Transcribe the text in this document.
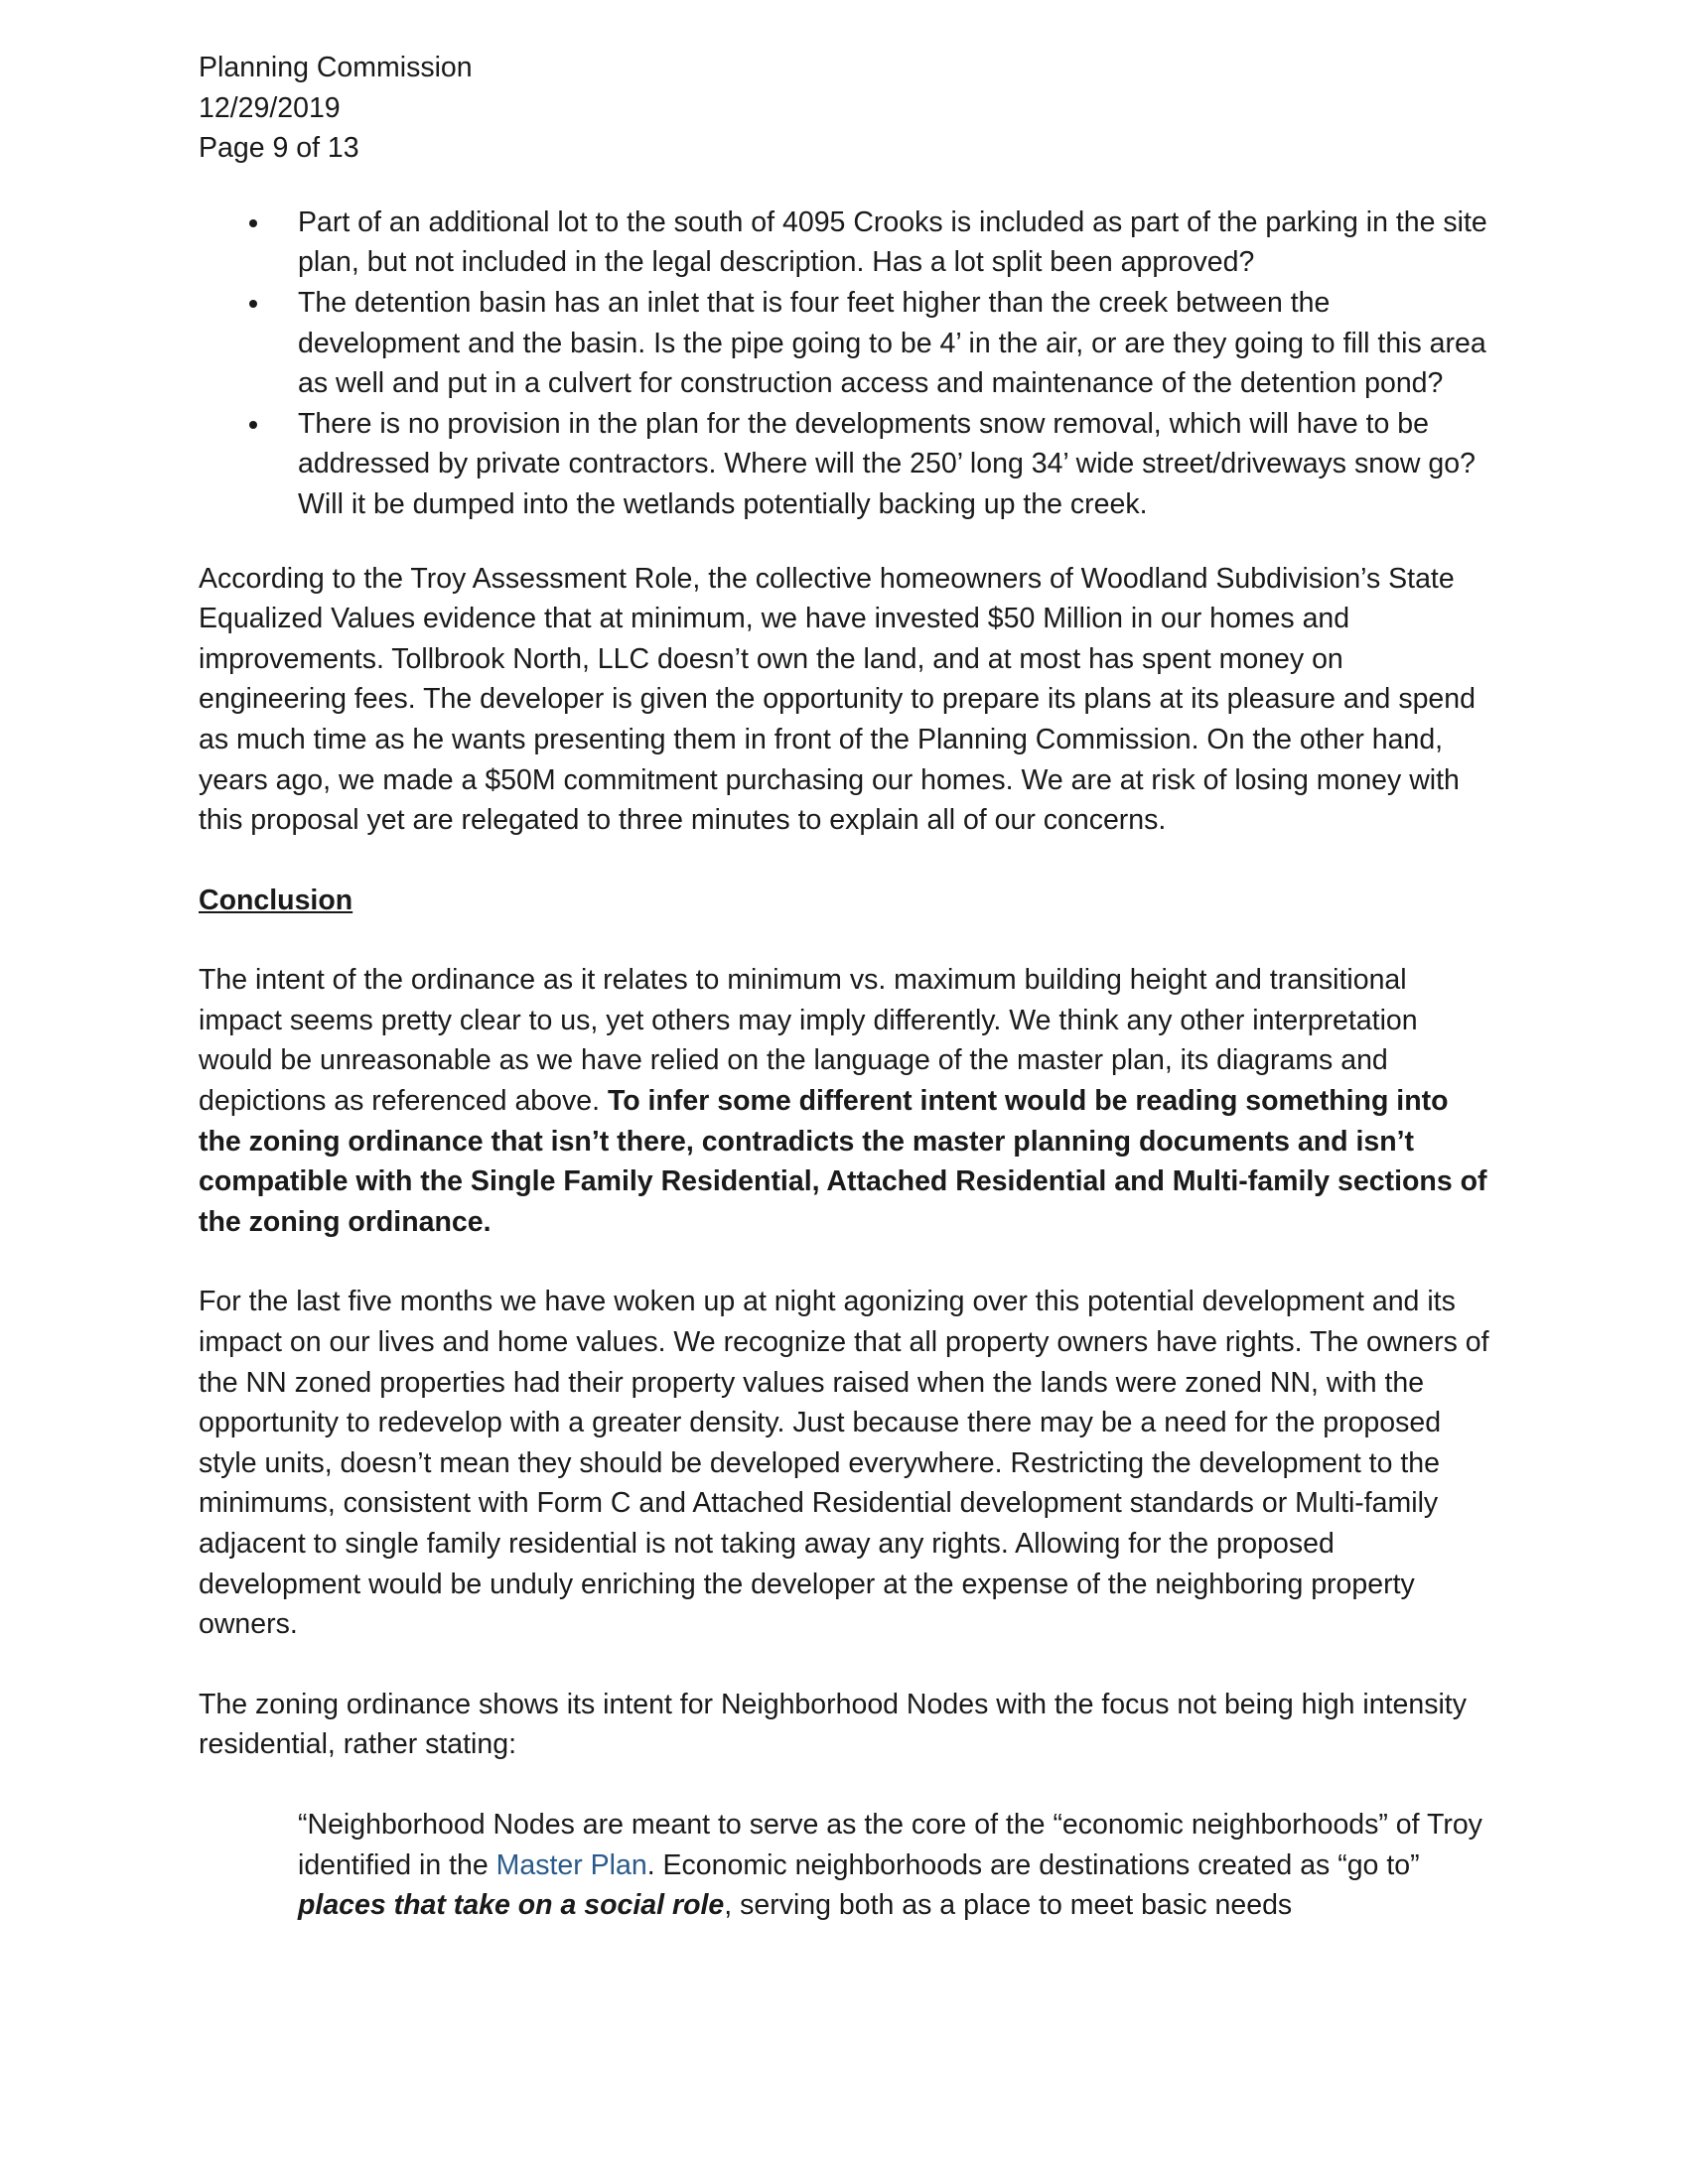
Planning Commission
12/29/2019
Page 9 of 13
Part of an additional lot to the south of 4095 Crooks is included as part of the parking in the site plan, but not included in the legal description. Has a lot split been approved?
The detention basin has an inlet that is four feet higher than the creek between the development and the basin. Is the pipe going to be 4’ in the air, or are they going to fill this area as well and put in a culvert for construction access and maintenance of the detention pond?
There is no provision in the plan for the developments snow removal, which will have to be addressed by private contractors. Where will the 250’ long 34’ wide street/driveways snow go? Will it be dumped into the wetlands potentially backing up the creek.

According to the Troy Assessment Role, the collective homeowners of Woodland Subdivision’s State Equalized Values evidence that at minimum, we have invested $50 Million in our homes and improvements. Tollbrook North, LLC doesn’t own the land, and at most has spent money on engineering fees. The developer is given the opportunity to prepare its plans at its pleasure and spend as much time as he wants presenting them in front of the Planning Commission. On the other hand, years ago, we made a $50M commitment purchasing our homes. We are at risk of losing money with this proposal yet are relegated to three minutes to explain all of our concerns.

Conclusion

The intent of the ordinance as it relates to minimum vs. maximum building height and transitional impact seems pretty clear to us, yet others may imply differently. We think any other interpretation would be unreasonable as we have relied on the language of the master plan, its diagrams and depictions as referenced above. To infer some different intent would be reading something into the zoning ordinance that isn’t there, contradicts the master planning documents and isn’t compatible with the Single Family Residential, Attached Residential and Multi-family sections of the zoning ordinance.

For the last five months we have woken up at night agonizing over this potential development and its impact on our lives and home values. We recognize that all property owners have rights. The owners of the NN zoned properties had their property values raised when the lands were zoned NN, with the opportunity to redevelop with a greater density. Just because there may be a need for the proposed style units, doesn’t mean they should be developed everywhere. Restricting the development to the minimums, consistent with Form C and Attached Residential development standards or Multi-family adjacent to single family residential is not taking away any rights. Allowing for the proposed development would be unduly enriching the developer at the expense of the neighboring property owners.

The zoning ordinance shows its intent for Neighborhood Nodes with the focus not being high intensity residential, rather stating:

“Neighborhood Nodes are meant to serve as the core of the “economic neighborhoods” of Troy identified in the Master Plan. Economic neighborhoods are destinations created as “go to” places that take on a social role, serving both as a place to meet basic needs
